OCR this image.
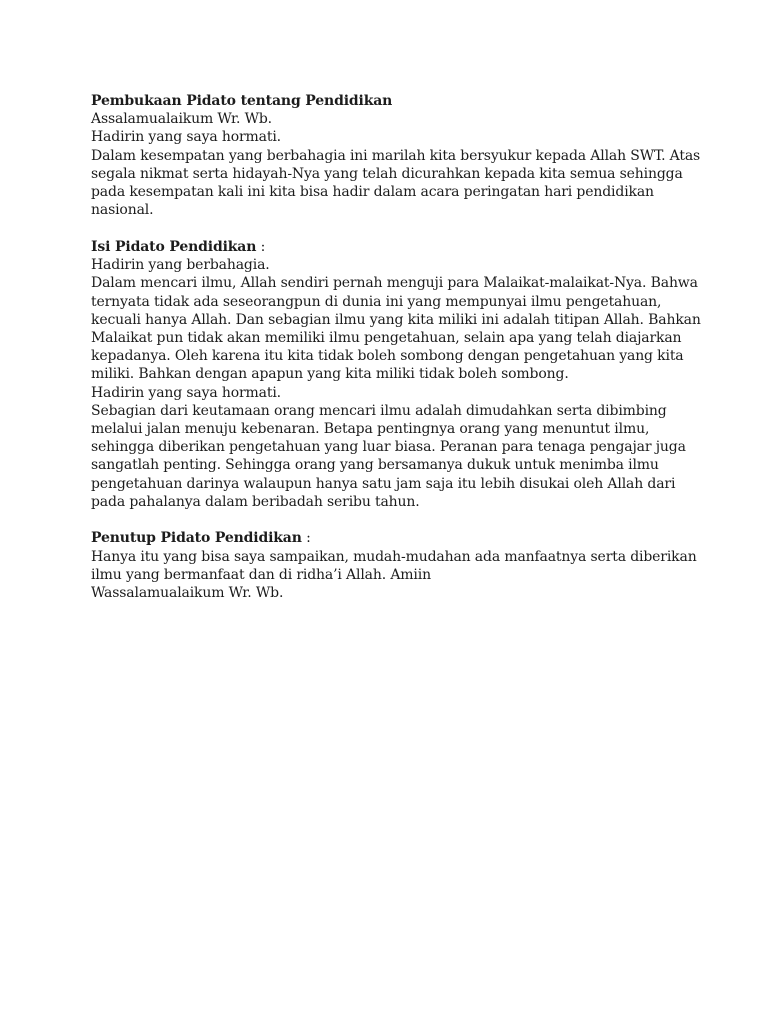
Pembukaan Pidato tentang Pendidikan
Assalamualaikum Wr. Wb.
Hadirin yang saya hormati.
Dalam kesempatan yang berbahagia ini marilah kita bersyukur kepada Allah SWT. Atas
segala nikmat serta hidayah-Nya yang telah dicurahkan kepada kita semua sehingga
pada kesempatan kali ini kita bisa hadir dalam acara peringatan hari pendidikan
nasional.
Isi Pidato Pendidikan :
Hadirin yang berbahagia.
Dalam mencari ilmu, Allah sendiri pernah menguji para Malaikat-malaikat-Nya. Bahwa
ternyata tidak ada seseorangpun di dunia ini yang mempunyai ilmu pengetahuan,
kecuali hanya Allah. Dan sebagian ilmu yang kita miliki ini adalah titipan Allah. Bahkan
Malaikat pun tidak akan memiliki ilmu pengetahuan, selain apa yang telah diajarkan
kepadanya. Oleh karena itu kita tidak boleh sombong dengan pengetahuan yang kita
miliki. Bahkan dengan apapun yang kita miliki tidak boleh sombong.
Hadirin yang saya hormati.
Sebagian dari keutamaan orang mencari ilmu adalah dimudahkan serta dibimbing
melalui jalan menuju kebenaran. Betapa pentingnya orang yang menuntut ilmu,
sehingga diberikan pengetahuan yang luar biasa. Peranan para tenaga pengajar juga
sangatlah penting. Sehingga orang yang bersamanya dukuk untuk menimba ilmu
pengetahuan darinya walaupun hanya satu jam saja itu lebih disukai oleh Allah dari
pada pahalanya dalam beribadah seribu tahun.
Penutup Pidato Pendidikan :
Hanya itu yang bisa saya sampaikan, mudah-mudahan ada manfaatnya serta diberikan
ilmu yang bermanfaat dan di ridha’i Allah. Amiin
Wassalamualaikum Wr. Wb.
